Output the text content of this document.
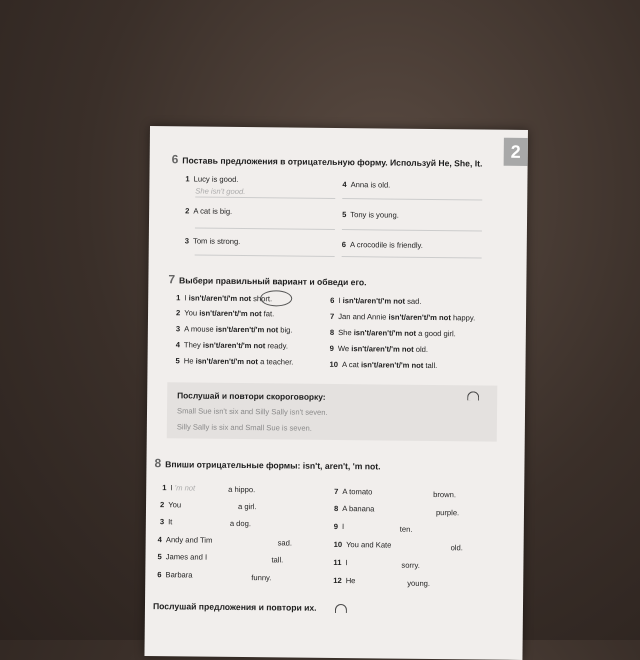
2
6 Поставь предложения в отрицательную форму. Используй He, She, It.
1 Lucy is good.
She isn't good.
4 Anna is old.
2 A cat is big.	5 Tony is young.
3 Tom is strong.	6 A crocodile is friendly.
7 Выбери правильный вариант и обведи его.
1 I isn't/aren't/'m not short.
2 You isn't/aren't/'m not fat.
3 A mouse isn't/aren't/'m not big.
4 They isn't/aren't/'m not ready.
5 He isn't/aren't/'m not a teacher.
6 I isn't/aren't/'m not sad.
7 Jan and Annie isn't/aren't/'m not happy.
8 She isn't/aren't/'m not a good girl.
9 We isn't/aren't/'m not old.
10 A cat isn't/aren't/'m not tall.
Послушай и повтори скороговорку:
Small Sue isn't six and Silly Sally isn't seven.
Silly Sally is six and Small Sue is seven.
8 Впиши отрицательные формы: isn't, aren't, 'm not.
1 I 'm not	a hippo.
2 You	a girl.
3 It	a dog.
4 Andy and Tim	sad.
5 James and I	tall.
6 Barbara	funny.
7 A tomato	brown.
8 A banana	purple.
9 I	ten.
10 You and Kate	old.
11 I	sorry.
12 He	young.
Послушай предложения и повтори их.
